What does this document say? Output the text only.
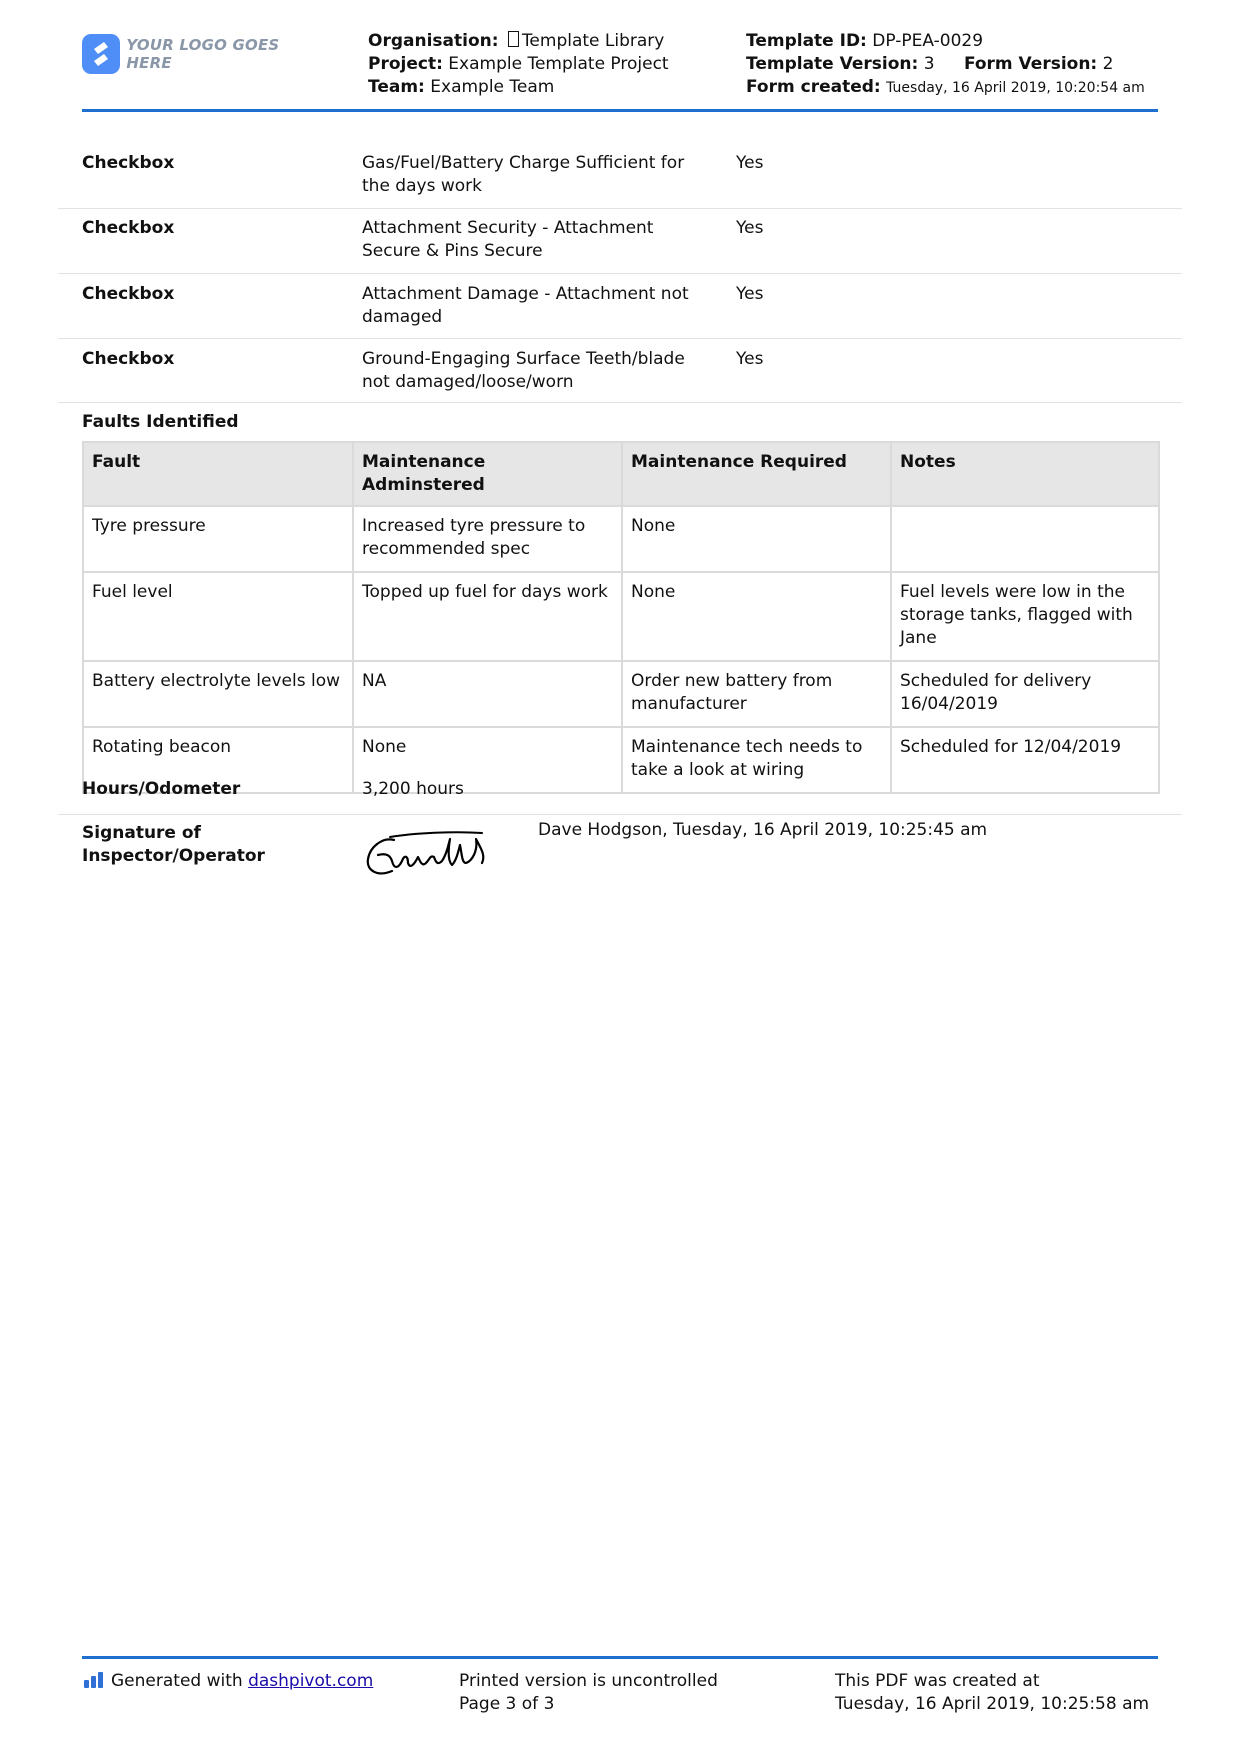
YOUR LOGO GOES HERE
Organisation: Template Library
Project: Example Template Project
Team: Example Team
Template ID: DP-PEA-0029
Template Version: 3 Form Version: 2
Form created: Tuesday, 16 April 2019, 10:20:54 am
Checkbox	Gas/Fuel/Battery Charge Sufficient for the days work
Yes
Checkbox	Attachment Security - Attachment Secure & Pins Secure
Yes
Checkbox	Attachment Damage - Attachment not damaged
Yes
Checkbox	Ground-Engaging Surface Teeth/blade not damaged/loose/worn
Yes
Faults Identified
Fault	Maintenance Adminstered	Maintenance Required	Notes
Tyre pressure	Increased tyre pressure to recommended spec	None	
Fuel level	Topped up fuel for days work	None	Fuel levels were low in the storage tanks, flagged with Jane
Battery electrolyte levels low	NA	Order new battery from manufacturer	Scheduled for delivery 16/04/2019
Rotating beacon	None	Maintenance tech needs to take a look at wiring	Scheduled for 12/04/2019
Hours/Odometer	3,200 hours
Signature of Inspector/Operator
Dave Hodgson, Tuesday, 16 April 2019, 10:25:45 am
Generated with dashpivot.com	Printed version is uncontrolled
Page 3 of 3
This PDF was created at
Tuesday, 16 April 2019, 10:25:58 am
